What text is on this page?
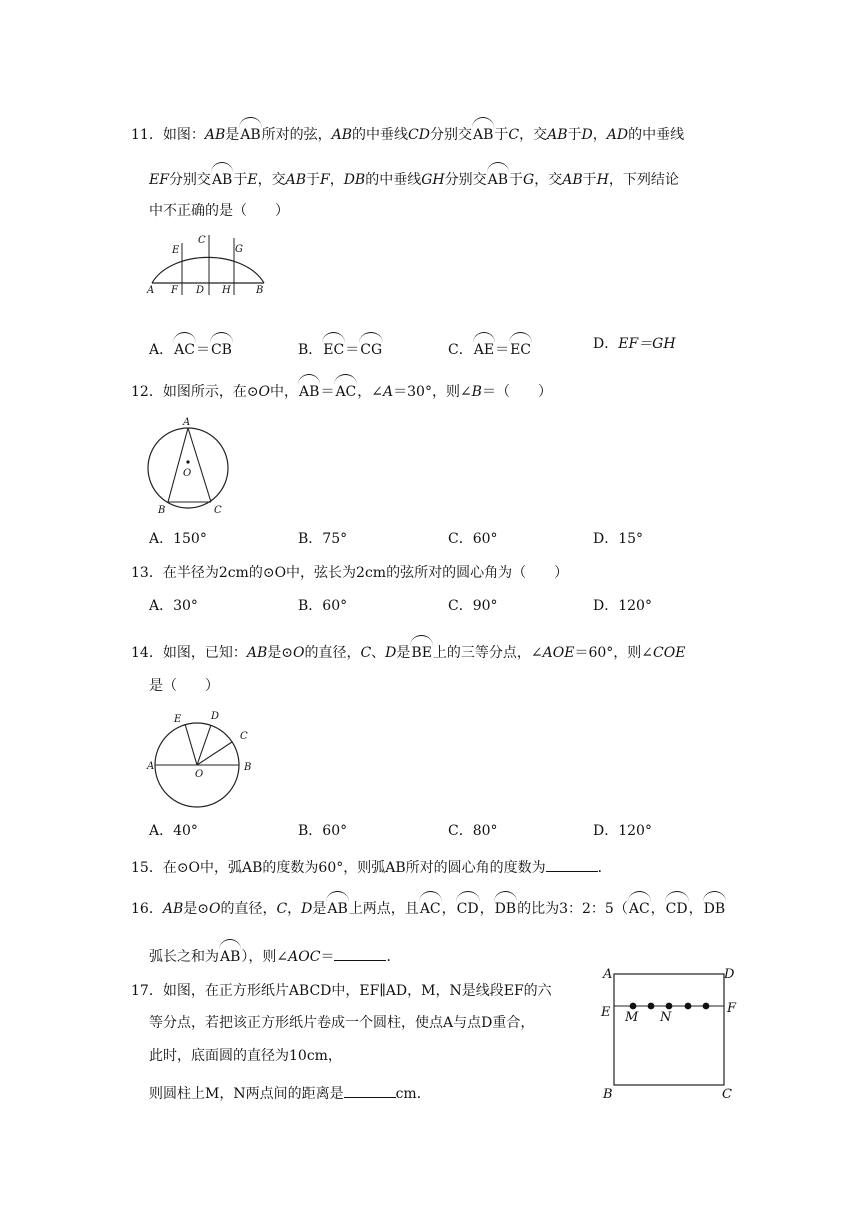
11．如图：AB是AB所对的弦，AB的中垂线CD分别交AB于C，交AB于D，AD的中垂线
EF分别交AB于E，交AB于F，DB的中垂线GH分别交AB于G，交AB于H，下列结论
中不正确的是（　　）
E
C
G
A F D H	B
A．AC＝CB	B．EC＝CG	C．AE＝EC	D．EF＝GH
12．如图所示，在⊙O中，AB＝AC，∠A＝30°，则∠B＝（　　）
A
O
B	C
A．150°	B．75°	C．60°	D．15°
13．在半径为2cm的⊙O中，弦长为2cm的弦所对的圆心角为（　　）
A．30°	B．60°	C．90°	D．120°
14．如图，已知：AB是⊙O的直径，C、D是BE上的三等分点，∠AOE＝60°，则∠COE
是（　　）
E	D
C
A
O
B
A．40°	B．60°	C．80°	D．120°
15．在⊙O中，弧AB的度数为60°，则弧AB所对的圆心角的度数为	．
16．AB是⊙O的直径，C，D是AB上两点，且AC，CD，DB的比为3：2：5（AC，CD，DB
弧长之和为AB），则∠AOC＝	．
17．如图，在正方形纸片ABCD中，EF∥AD，M，N是线段EF的六
等分点，若把该正方形纸片卷成一个圆柱，使点A与点D重合，
此时，底面圆的直径为10cm，
则圆柱上M，N两点间的距离是	cm．
A	D
E M N
F
B	C
